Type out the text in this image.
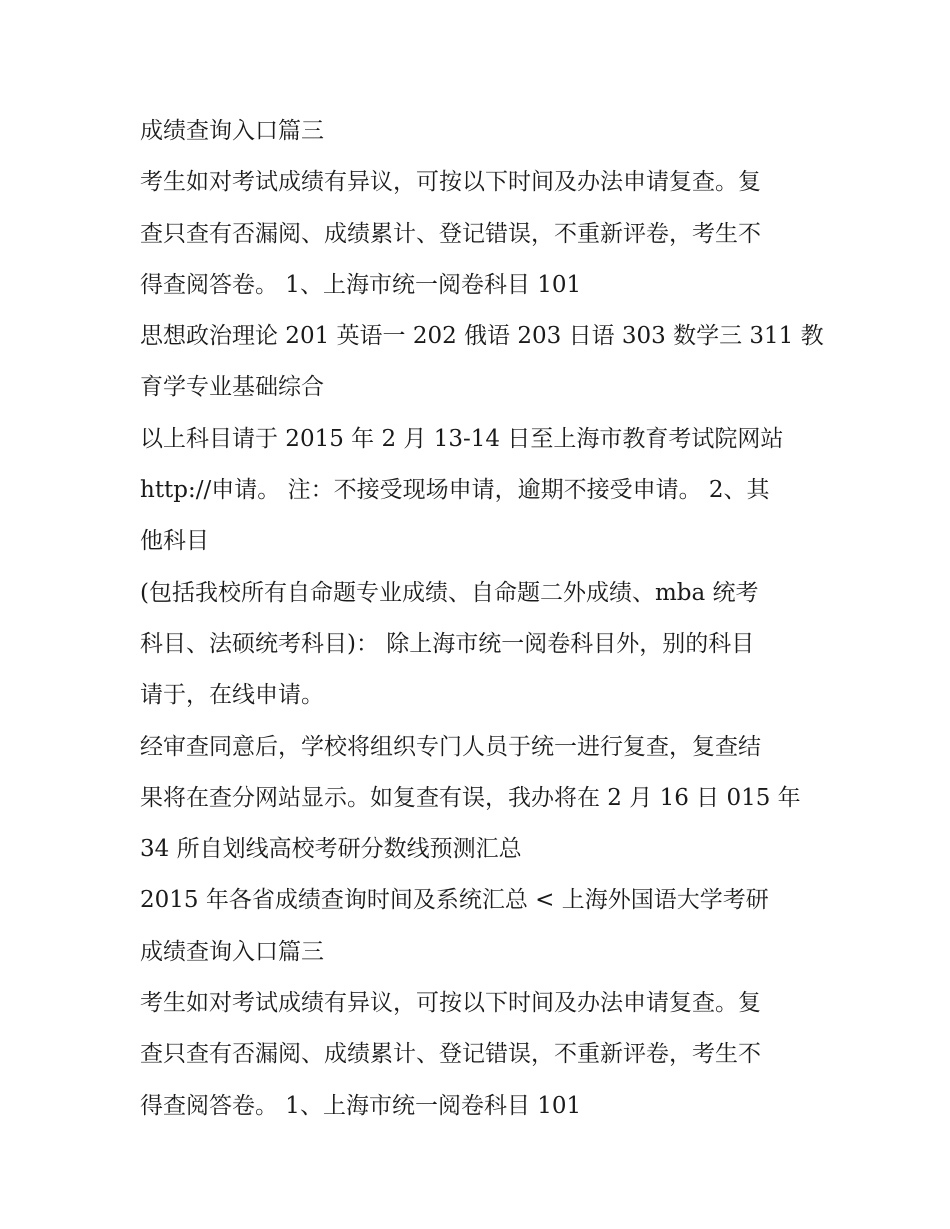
成绩查询入口篇三

考生如对考试成绩有异议，可按以下时间及办法申请复查。复

查只查有否漏阅、成绩累计、登记错误，不重新评卷，考生不

得查阅答卷。 1、上海市统一阅卷科目 101

思想政治理论 201 英语一 202 俄语 203 日语 303 数学三 311 教

育学专业基础综合

以上科目请于 2015 年 2 月 13-14 日至上海市教育考试院网站

http://申请。 注：不接受现场申请，逾期不接受申请。 2、其

他科目

(包括我校所有自命题专业成绩、自命题二外成绩、mba 统考

科目、法硕统考科目)： 除上海市统一阅卷科目外，别的科目

请于，在线申请。

经审查同意后，学校将组织专门人员于统一进行复查，复查结

果将在查分网站显示。如复查有误，我办将在 2 月 16 日 015 年

34 所自划线高校考研分数线预测汇总

2015 年各省成绩查询时间及系统汇总 < 上海外国语大学考研

成绩查询入口篇三

考生如对考试成绩有异议，可按以下时间及办法申请复查。复

查只查有否漏阅、成绩累计、登记错误，不重新评卷，考生不

得查阅答卷。 1、上海市统一阅卷科目 101
